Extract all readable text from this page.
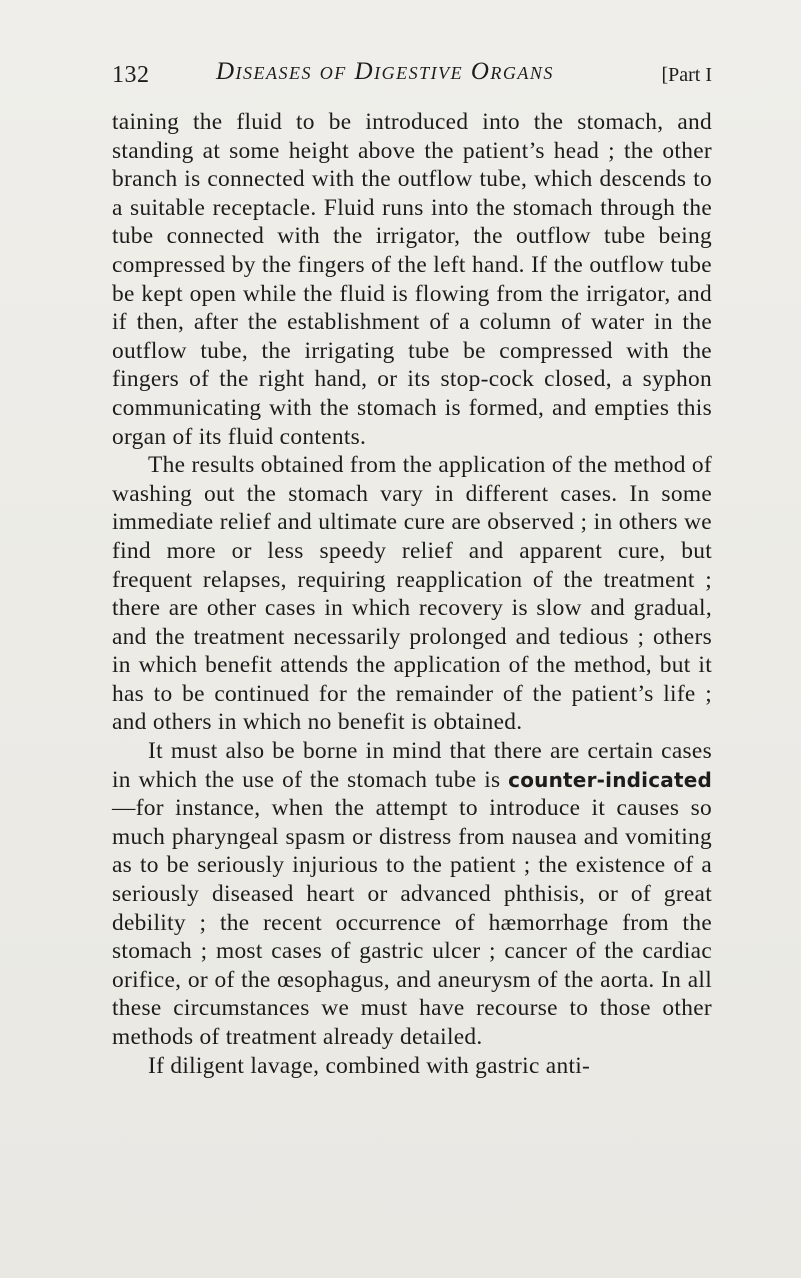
132	Diseases of Digestive Organs	[Part I

taining the fluid to be introduced into the stomach, and standing at some height above the patient’s head ; the other branch is connected with the outflow tube, which descends to a suitable receptacle. Fluid runs into the stomach through the tube connected with the irrigator, the outflow tube being compressed by the fingers of the left hand. If the outflow tube be kept open while the fluid is flowing from the irrigator, and if then, after the establishment of a column of water in the outflow tube, the irrigating tube be compressed with the fingers of the right hand, or its stop-cock closed, a syphon communicating with the stomach is formed, and empties this organ of its fluid contents.

The results obtained from the application of the method of washing out the stomach vary in different cases. In some immediate relief and ultimate cure are observed ; in others we find more or less speedy relief and apparent cure, but frequent relapses, requiring reapplication of the treatment ; there are other cases in which recovery is slow and gradual, and the treatment necessarily prolonged and tedious ; others in which benefit attends the application of the method, but it has to be continued for the remainder of the patient’s life ; and others in which no benefit is obtained.

It must also be borne in mind that there are certain cases in which the use of the stomach tube is counter-indicated—for instance, when the attempt to introduce it causes so much pharyngeal spasm or distress from nausea and vomiting as to be seriously injurious to the patient ; the existence of a seriously diseased heart or advanced phthisis, or of great debility ; the recent occurrence of hæmorrhage from the stomach ; most cases of gastric ulcer ; cancer of the cardiac orifice, or of the œsophagus, and aneurysm of the aorta. In all these circumstances we must have recourse to those other methods of treatment already detailed.

If diligent lavage, combined with gastric anti-
